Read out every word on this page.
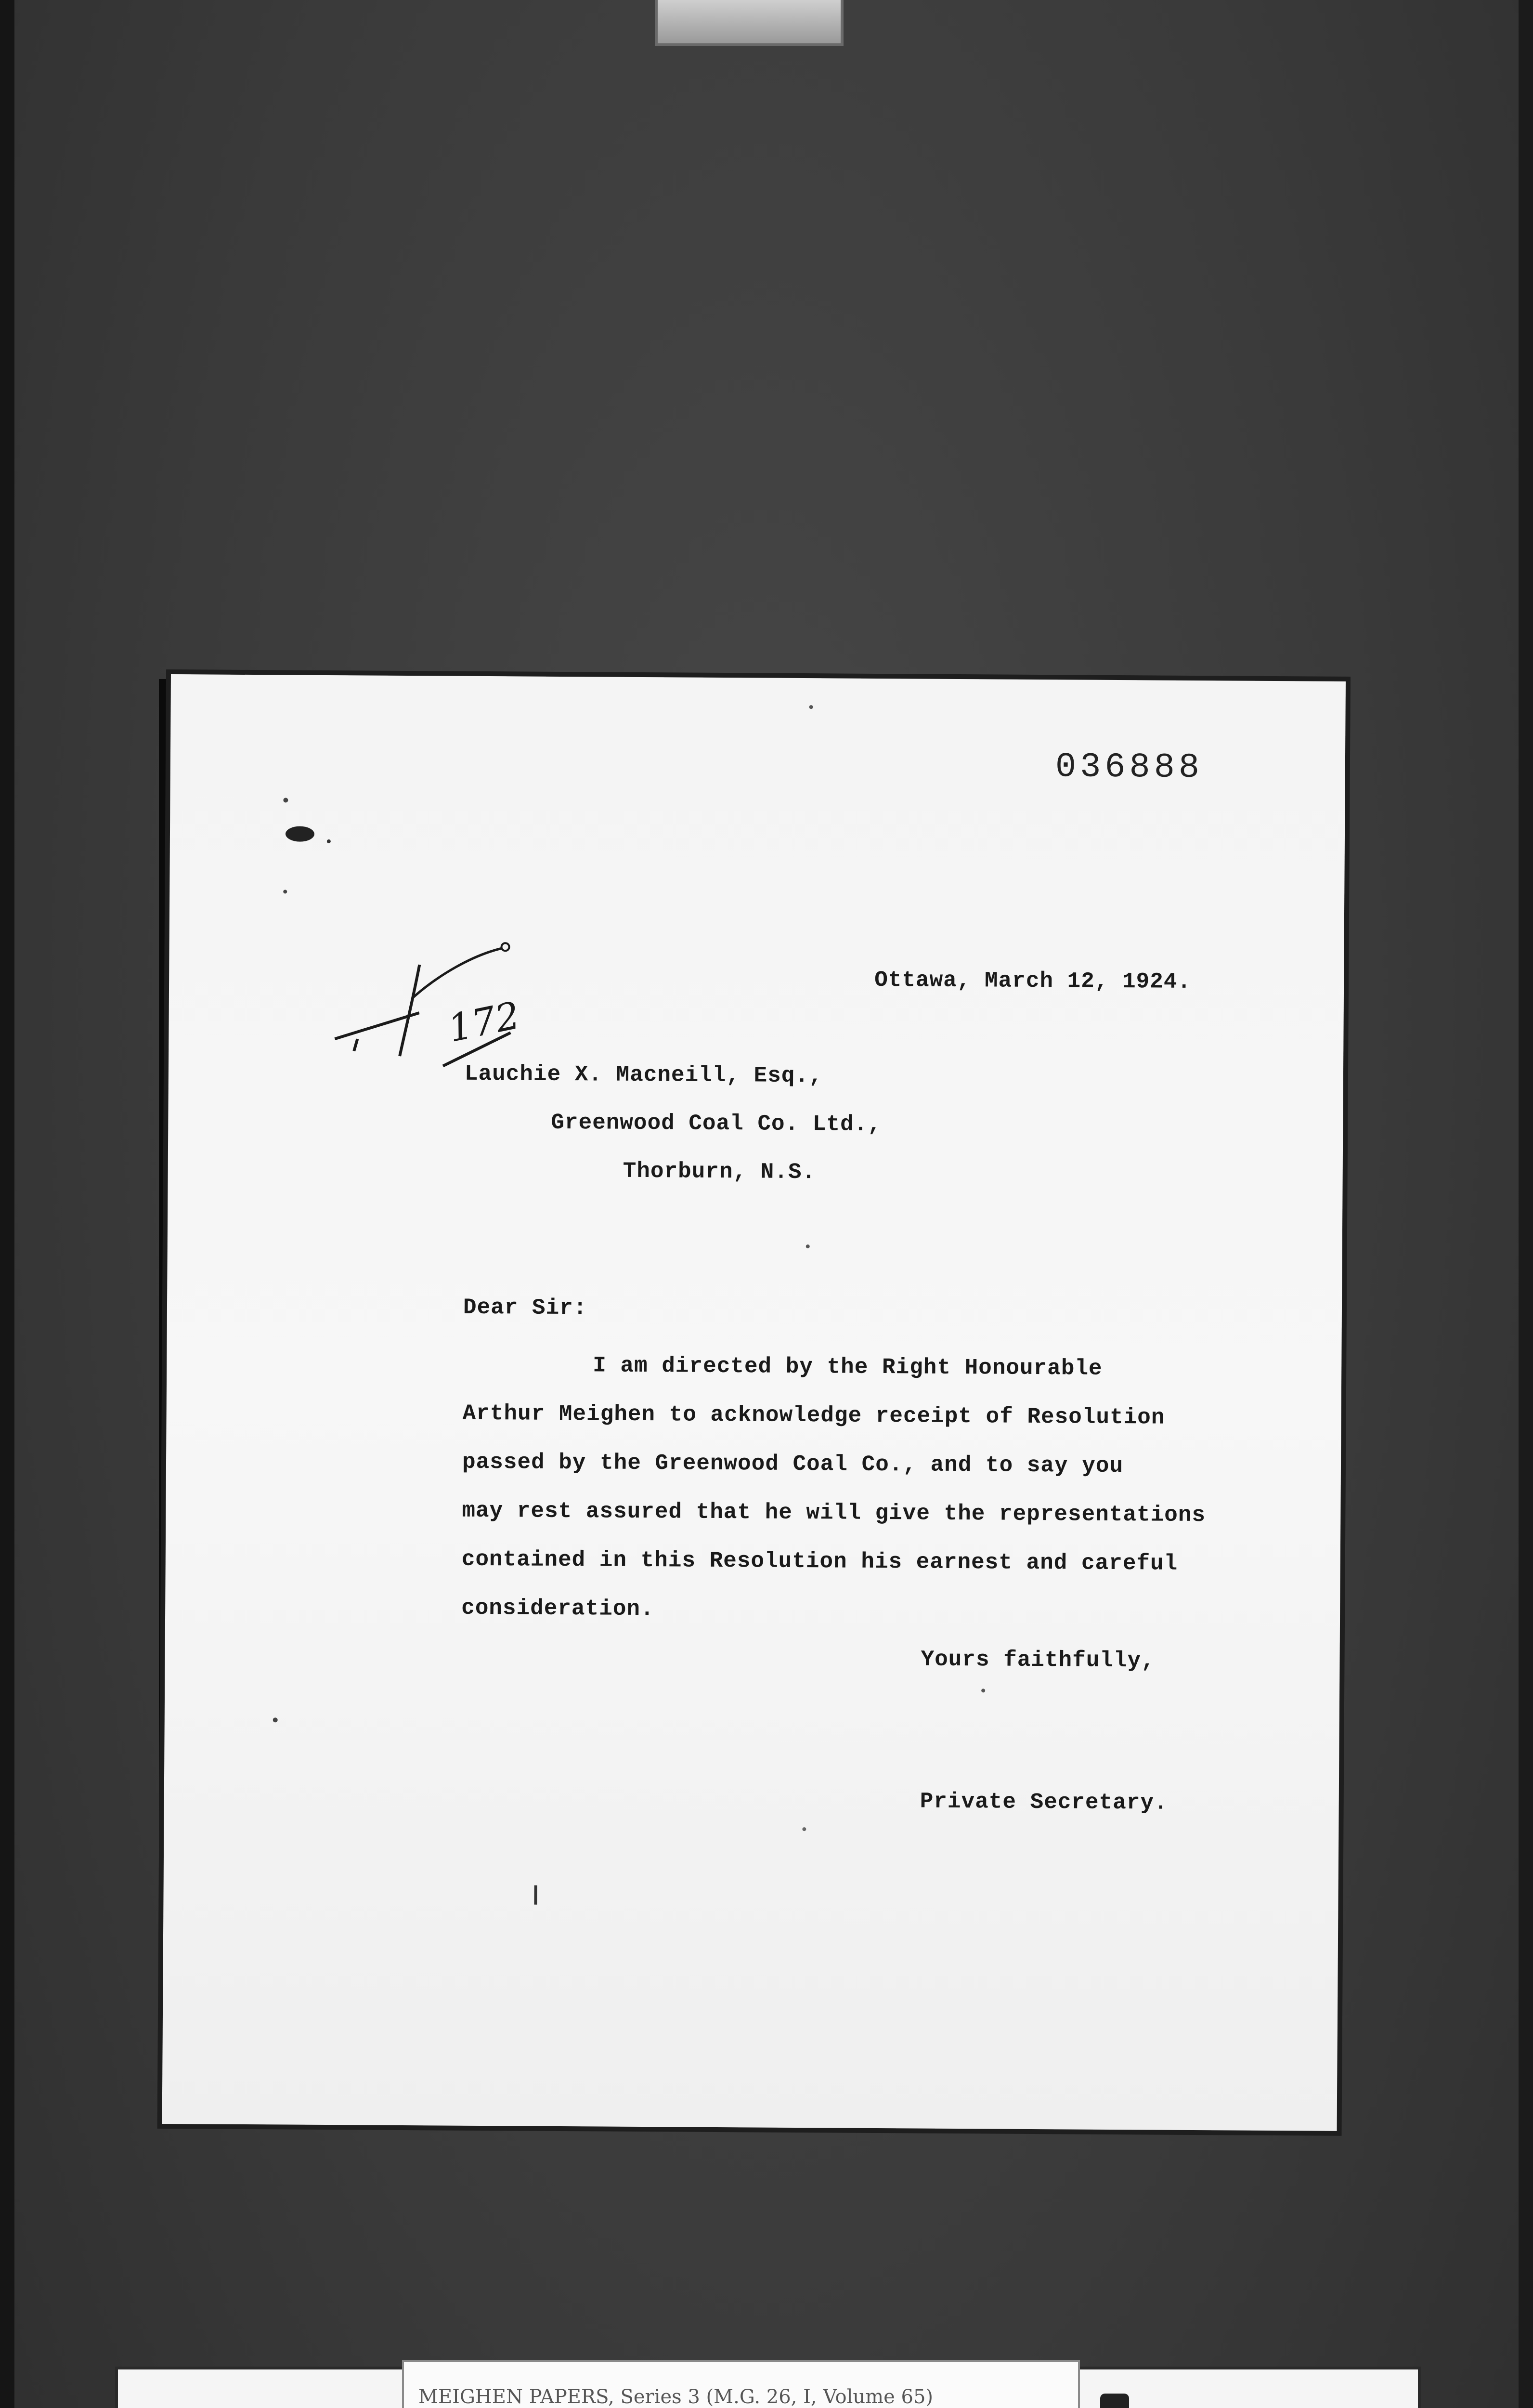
036888
172
Ottawa, March 12, 1924.
Lauchie X. Macneill, Esq.,
Greenwood Coal Co. Ltd.,
Thorburn, N.S.
Dear Sir:
I am directed by the Right Honourable
Arthur Meighen to acknowledge receipt of Resolution
passed by the Greenwood Coal Co., and to say you
may rest assured that he will give the representations
contained in this Resolution his earnest and careful
consideration.
Yours faithfully,
Private Secretary.
MEIGHEN PAPERS, Series 3 (M.G. 26, I, Volume 65)
